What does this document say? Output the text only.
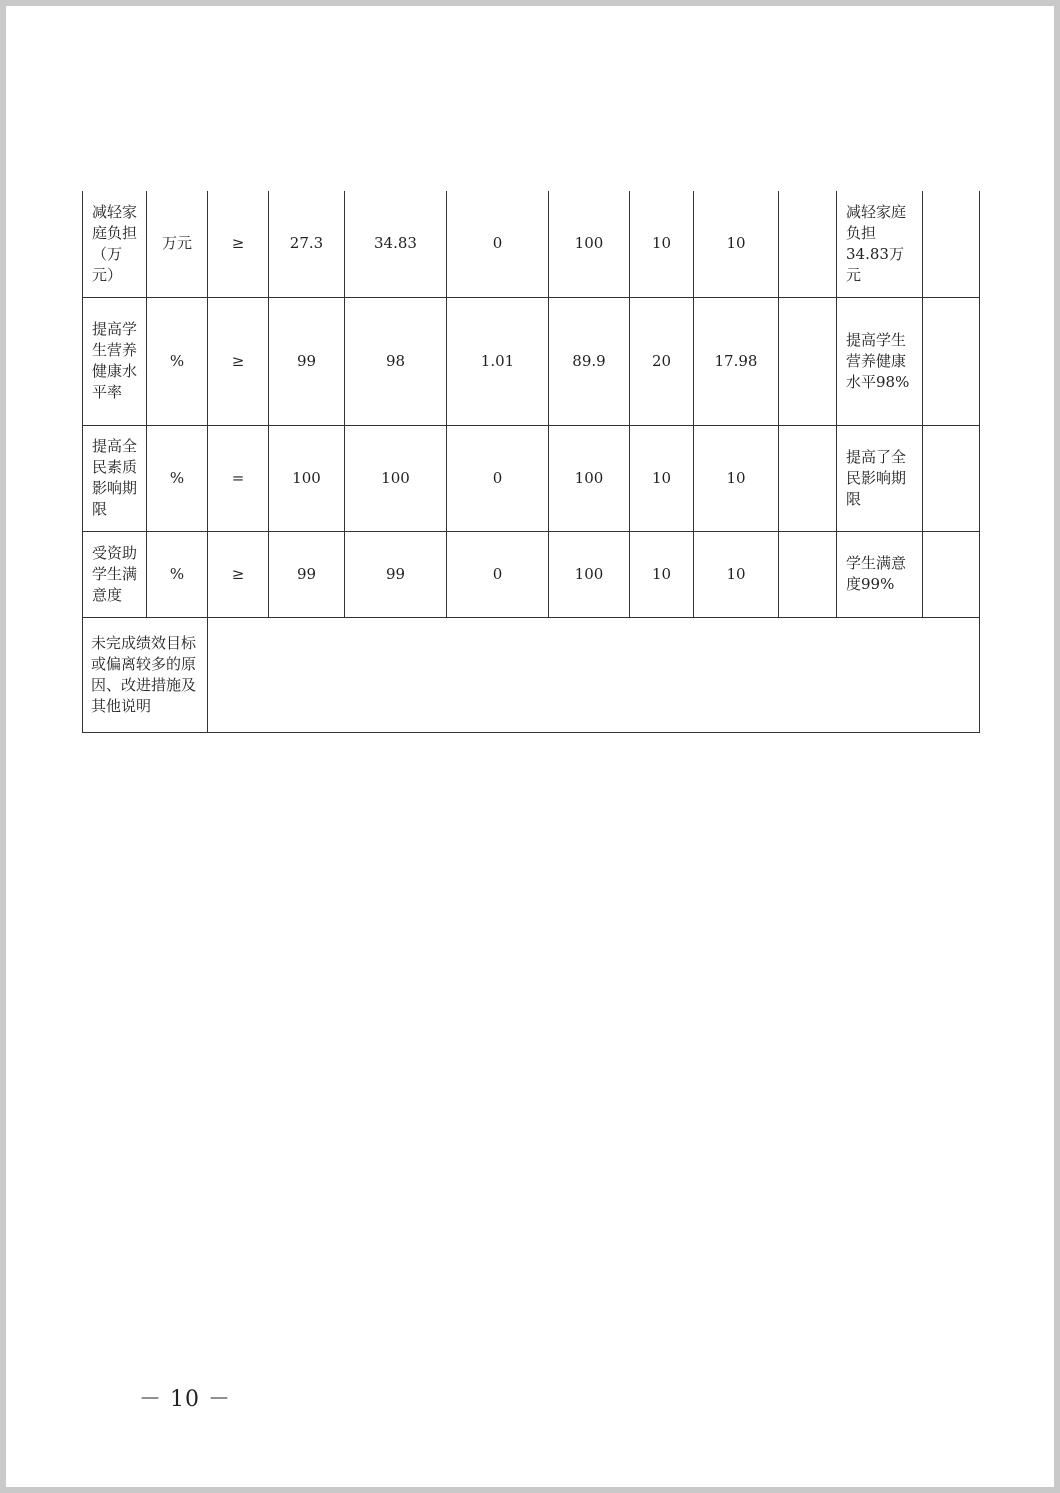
减轻家庭负担（万元）	万元	≥	27.3	34.83	0	100	10	10		减轻家庭负担34.83万元	
提高学生营养健康水平率	%	≥	99	98	1.01	89.9	20	17.98		提高学生营养健康水平98%	
提高全民素质影响期限	%	=	100	100	0	100	10	10		提高了全民影响期限	
受资助学生满意度	%	≥	99	99	0	100	10	10		学生满意度99%	
未完成绩效目标或偏离较多的原因、改进措施及其他说明											
－ 10 －
